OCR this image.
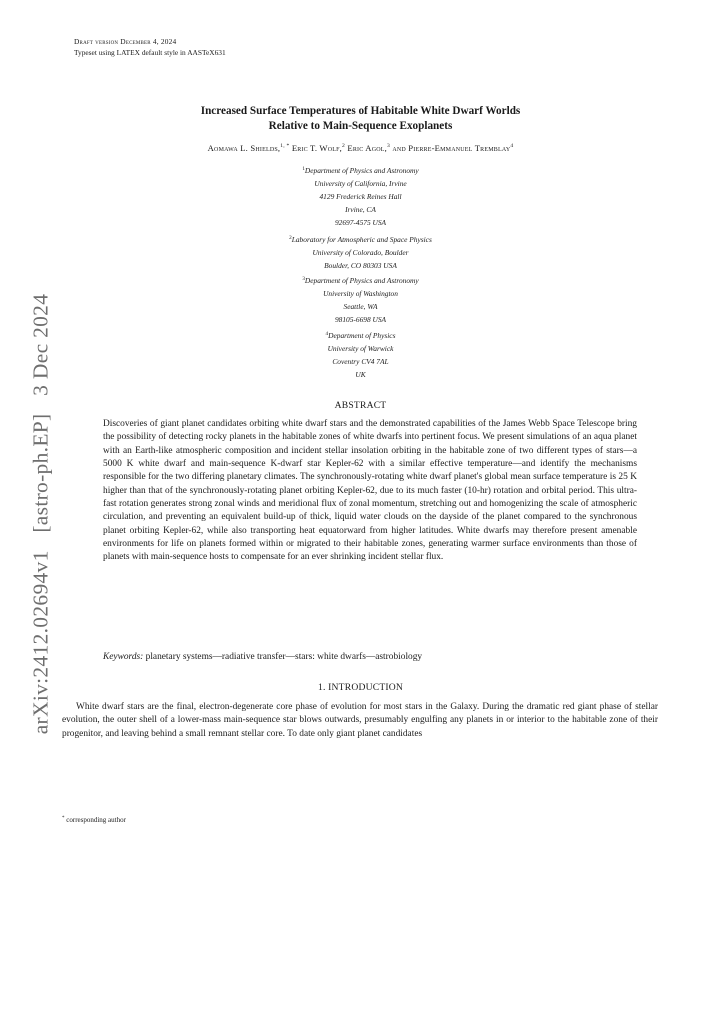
Draft version December 4, 2024
Typeset using LATEX default style in AASTeX631
Increased Surface Temperatures of Habitable White Dwarf Worlds
Relative to Main-Sequence Exoplanets
Aomawa L. Shields,$^{1, *}$ Eric T. Wolf,$^2$ Eric Agol,$^3$ and Pierre-Emmanuel Tremblay$^4$
$^1$Department of Physics and Astronomy
University of California, Irvine
4129 Frederick Reines Hall
Irvine, CA
92697-4575 USA
$^2$Laboratory for Atmospheric and Space Physics
University of Colorado, Boulder
Boulder, CO 80303 USA
$^3$Department of Physics and Astronomy
University of Washington
Seattle, WA
98105-6698 USA
$^4$Department of Physics
University of Warwick
Coventry CV4 7AL
UK
ABSTRACT
Discoveries of giant planet candidates orbiting white dwarf stars and the demonstrated capabilities of the James Webb Space Telescope bring the possibility of detecting rocky planets in the habitable zones of white dwarfs into pertinent focus. We present simulations of an aqua planet with an Earth-like atmospheric composition and incident stellar insolation orbiting in the habitable zone of two different types of stars—a 5000 K white dwarf and main-sequence K-dwarf star Kepler-62 with a similar effective temperature—and identify the mechanisms responsible for the two differing planetary climates. The synchronously-rotating white dwarf planet's global mean surface temperature is 25 K higher than that of the synchronously-rotating planet orbiting Kepler-62, due to its much faster (10-hr) rotation and orbital period. This ultra-fast rotation generates strong zonal winds and meridional flux of zonal momentum, stretching out and homogenizing the scale of atmospheric circulation, and preventing an equivalent build-up of thick, liquid water clouds on the dayside of the planet compared to the synchronous planet orbiting Kepler-62, while also transporting heat equatorward from higher latitudes. White dwarfs may therefore present amenable environments for life on planets formed within or migrated to their habitable zones, generating warmer surface environments than those of planets with main-sequence hosts to compensate for an ever shrinking incident stellar flux.
Keywords: planetary systems—radiative transfer—stars: white dwarfs—astrobiology
1. INTRODUCTION
White dwarf stars are the final, electron-degenerate core phase of evolution for most stars in the Galaxy. During the dramatic red giant phase of stellar evolution, the outer shell of a lower-mass main-sequence star blows outwards, presumably engulfing any planets in or interior to the habitable zone of their progenitor, and leaving behind a small remnant stellar core. To date only giant planet candidates
* corresponding author
arXiv:2412.02694v1 [astro-ph.EP] 3 Dec 2024
